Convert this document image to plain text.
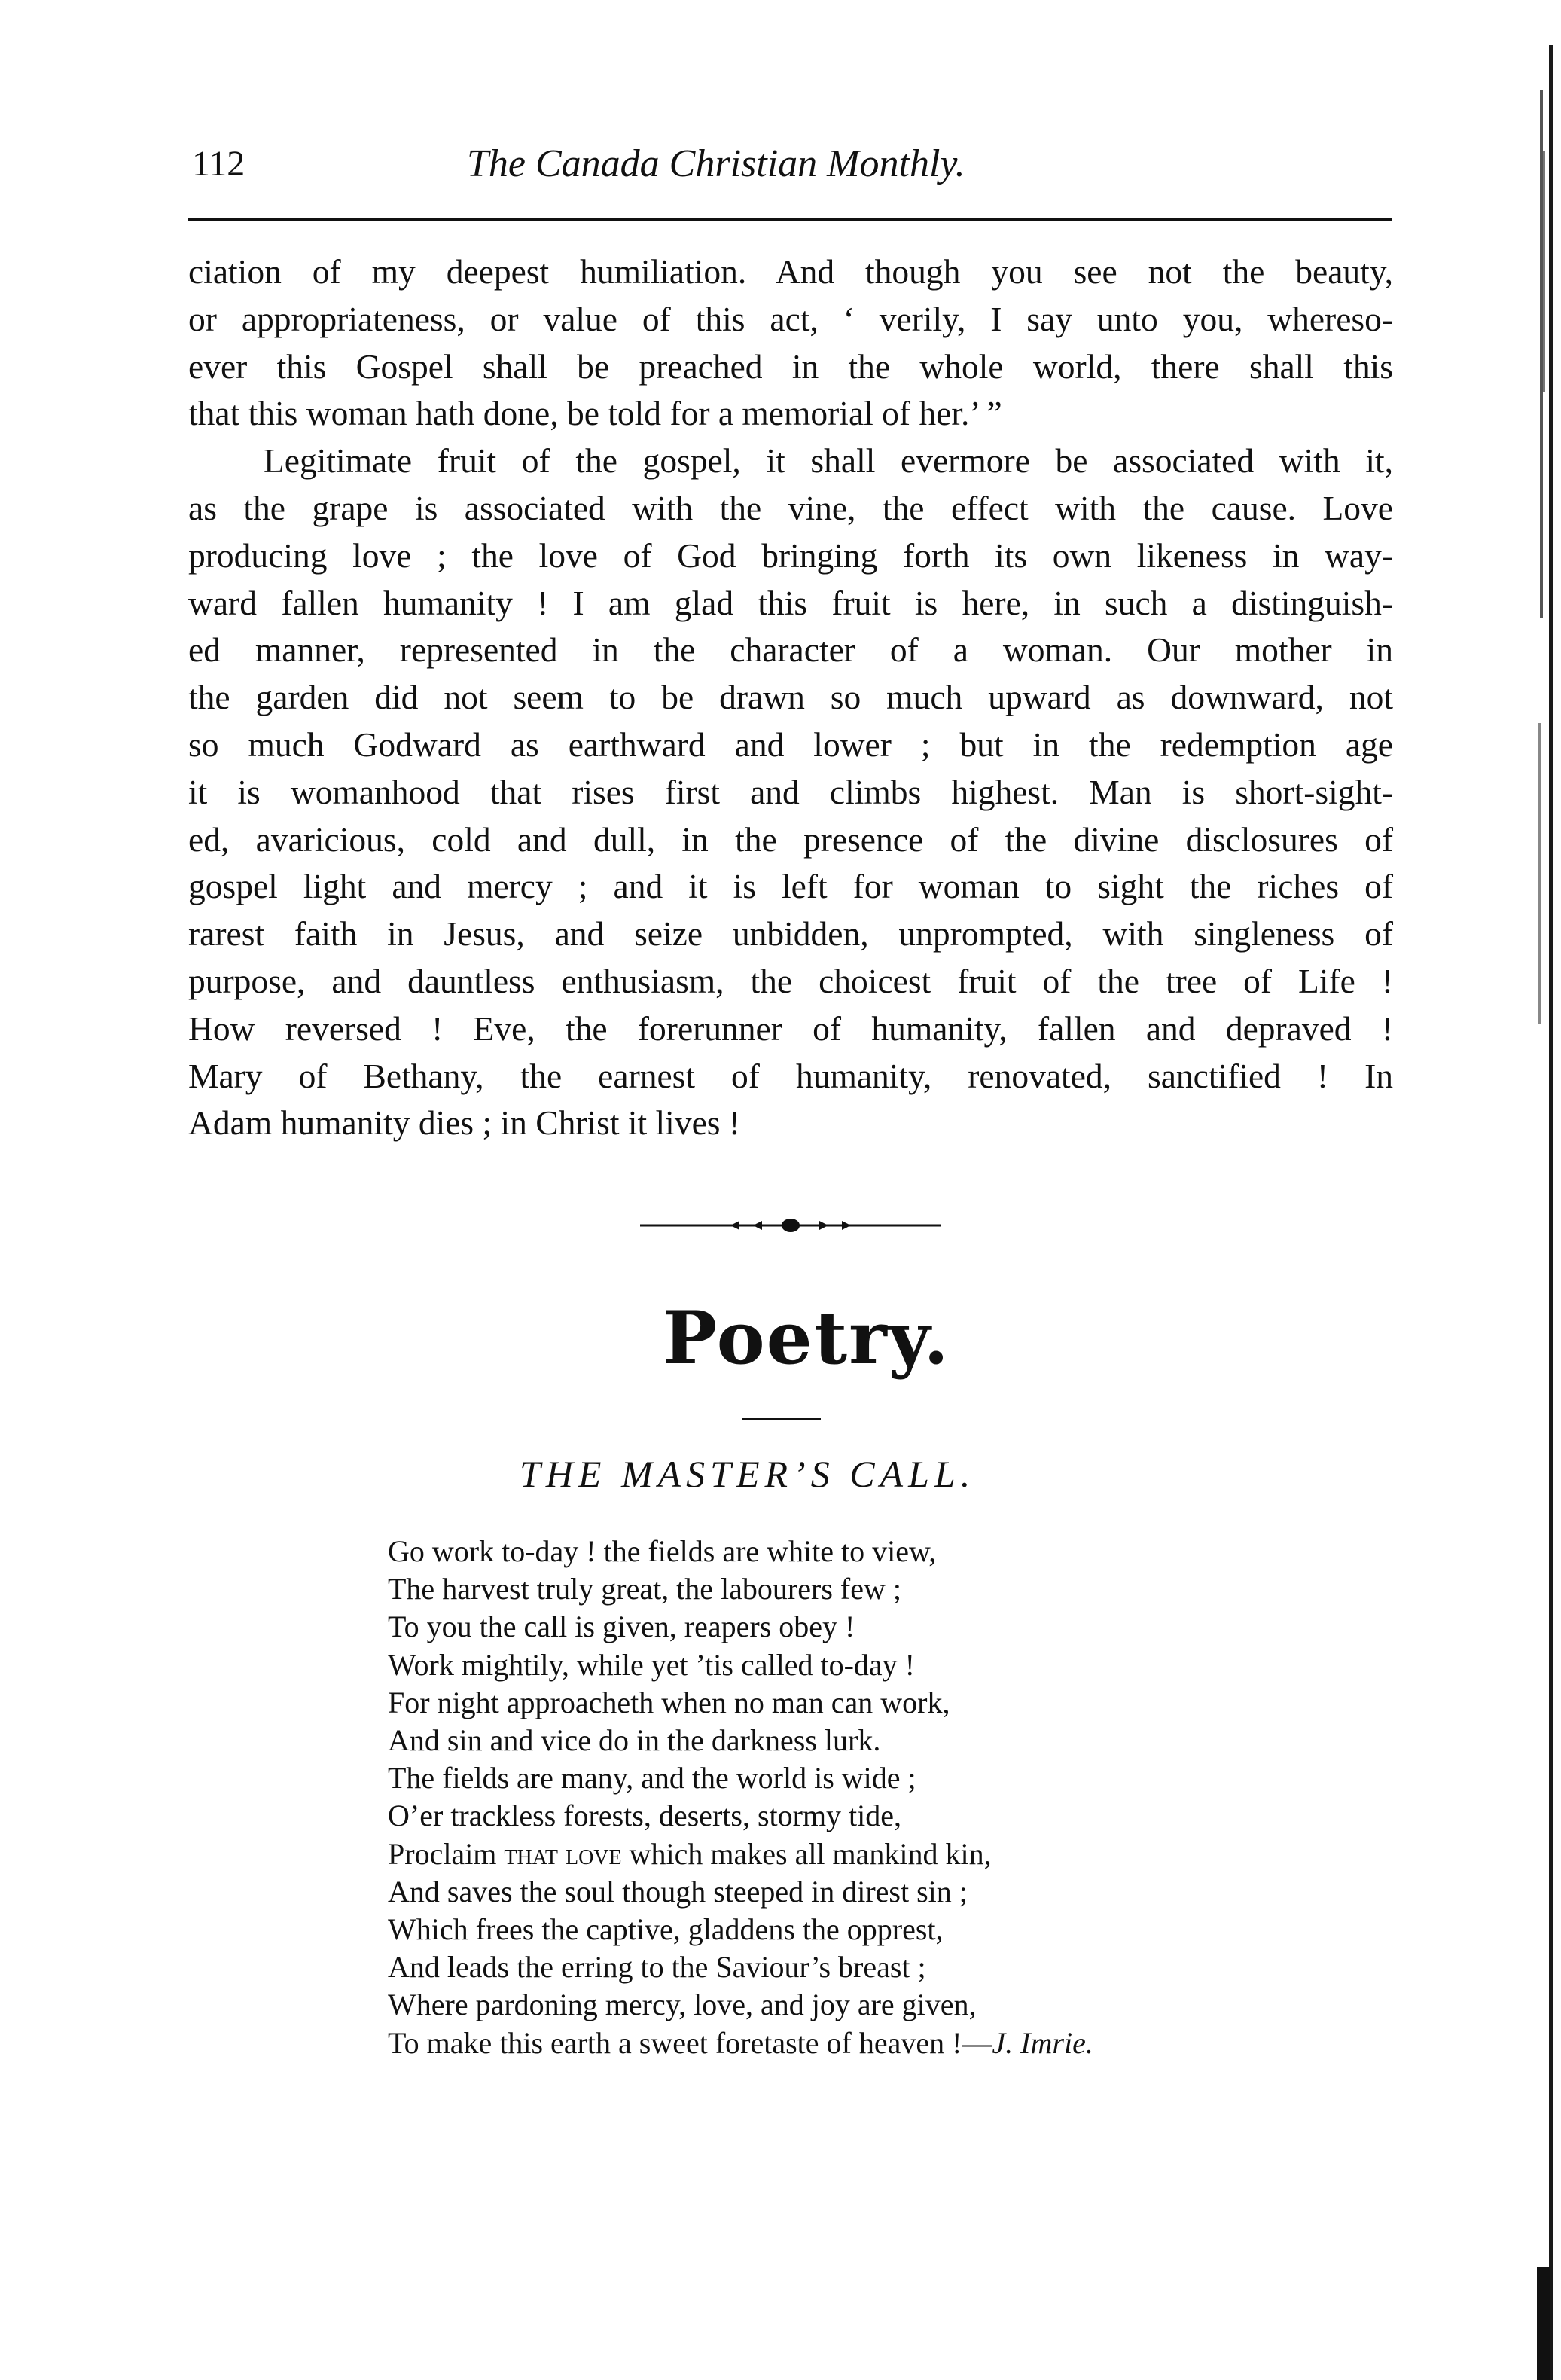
112	The Canada Christian Monthly.
ciation of my deepest humiliation. And though you see not the beauty,
or appropriateness, or value of this act, ‘ verily, I say unto you, whereso-
ever this Gospel shall be preached in the whole world, there shall this
that this woman hath done, be told for a memorial of her.’ ”
Legitimate fruit of the gospel, it shall evermore be associated with it,
as the grape is associated with the vine, the effect with the cause. Love
producing love ; the love of God bringing forth its own likeness in way-
ward fallen humanity ! I am glad this fruit is here, in such a distinguish-
ed manner, represented in the character of a woman. Our mother in
the garden did not seem to be drawn so much upward as downward, not
so much Godward as earthward and lower ; but in the redemption age
it is womanhood that rises first and climbs highest. Man is short-sight-
ed, avaricious, cold and dull, in the presence of the divine disclosures of
gospel light and mercy ; and it is left for woman to sight the riches of
rarest faith in Jesus, and seize unbidden, unprompted, with singleness of
purpose, and dauntless enthusiasm, the choicest fruit of the tree of Life !
How reversed ! Eve, the forerunner of humanity, fallen and depraved !
Mary of Bethany, the earnest of humanity, renovated, sanctified ! In
Adam humanity dies ; in Christ it lives !
Poetry.
THE MASTER’S CALL.
Go work to-day ! the fields are white to view,
The harvest truly great, the labourers few ;
To you the call is given, reapers obey !
Work mightily, while yet ’tis called to-day !
For night approacheth when no man can work,
And sin and vice do in the darkness lurk.
The fields are many, and the world is wide ;
O’er trackless forests, deserts, stormy tide,
Proclaim that love which makes all mankind kin,
And saves the soul though steeped in direst sin ;
Which frees the captive, gladdens the opprest,
And leads the erring to the Saviour’s breast ;
Where pardoning mercy, love, and joy are given,
To make this earth a sweet foretaste of heaven !—J. Imrie.
